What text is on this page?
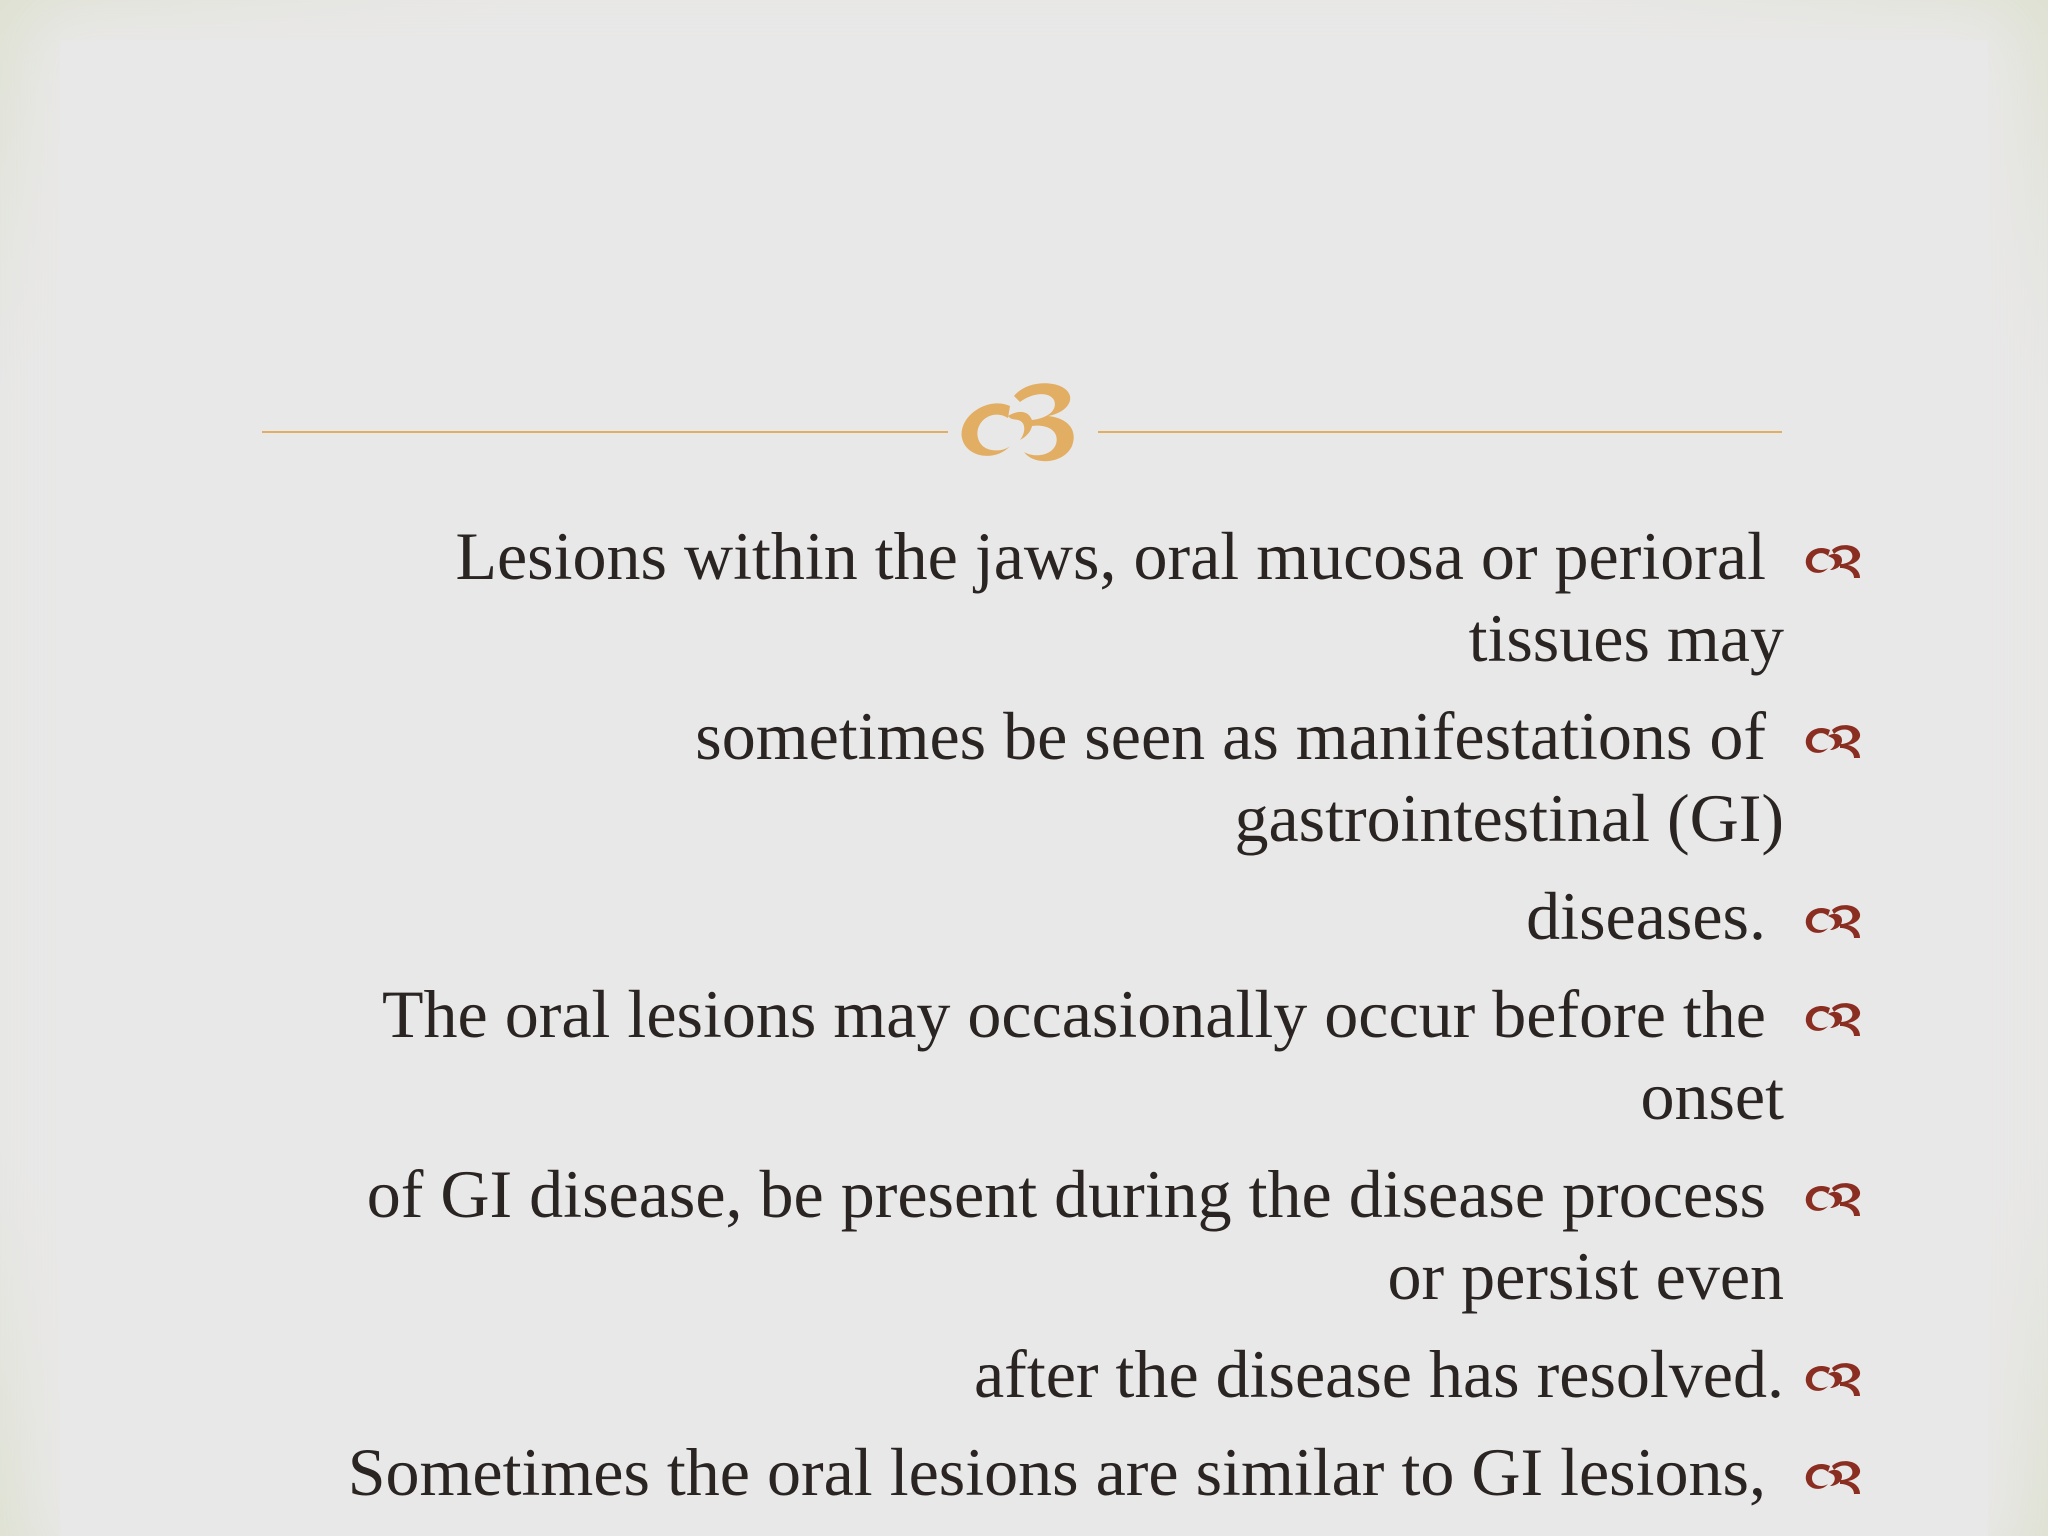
Lesions within the jaws, oral mucosa or perioral
tissues may
sometimes be seen as manifestations of
gastrointestinal (GI)
diseases.
The oral lesions may occasionally occur before the
onset
of GI disease, be present during the disease process
or persist even
after the disease has resolved.
Sometimes the oral lesions are similar to GI lesions,
